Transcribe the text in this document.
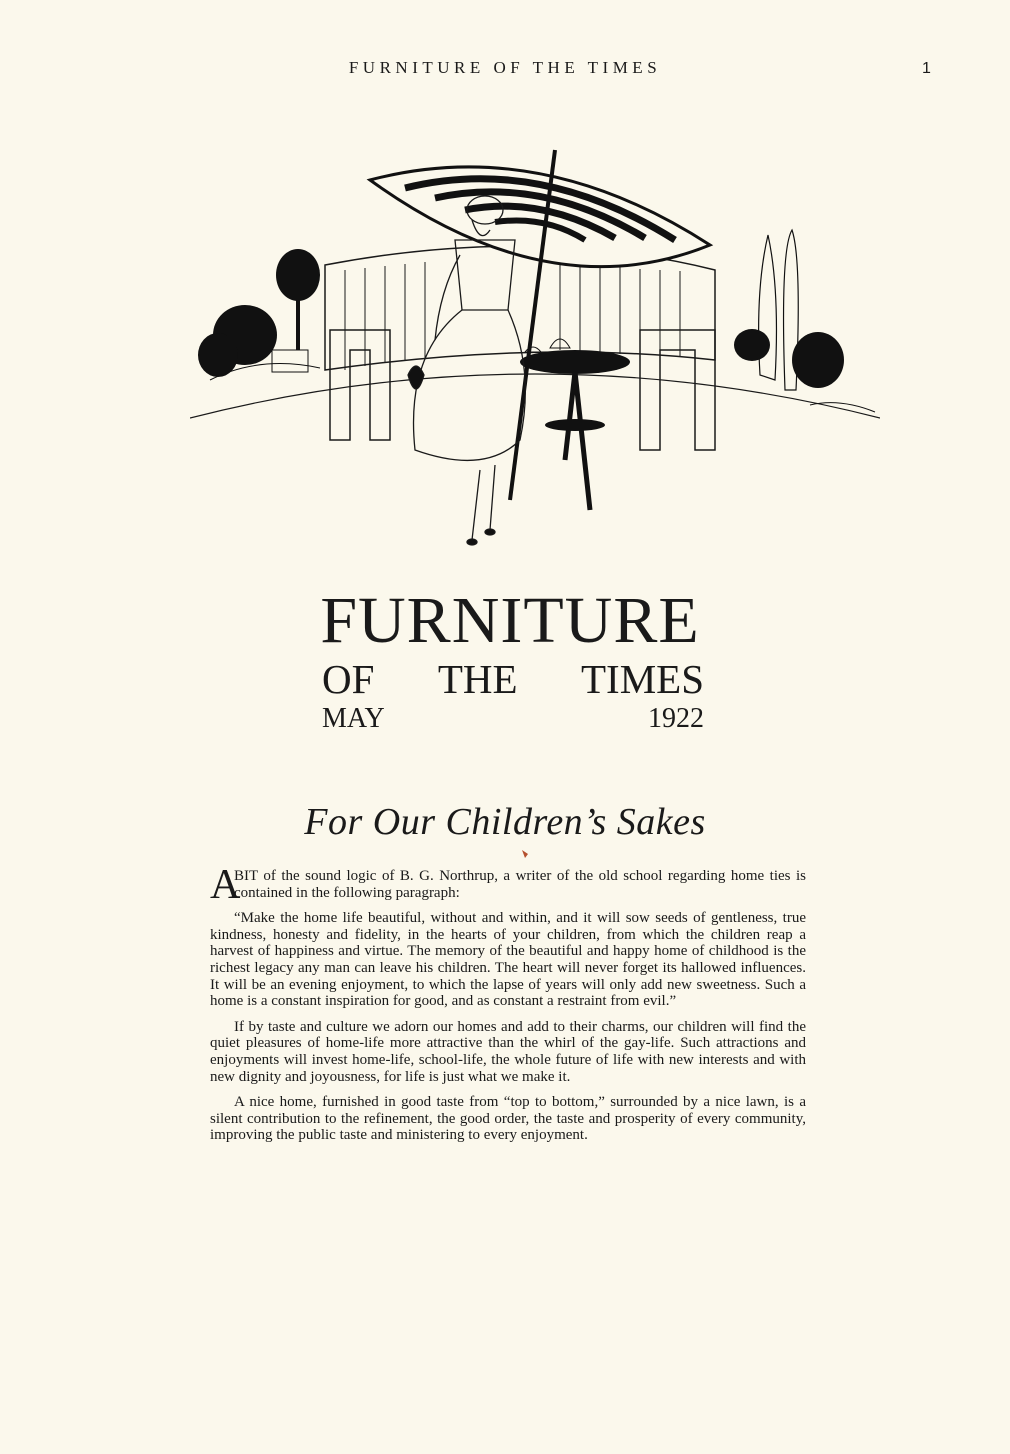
FURNITURE OF THE TIMES	1
FURNITURE
OF THE TIMES
MAY	1922
For Our Children’s Sakes

A
BIT of the sound logic of B. G. Northrup, a writer of the old school regarding home ties is contained in the following paragraph:

“Make the home life beautiful, without and within, and it will sow seeds of gentleness, true kindness, honesty and fidelity, in the hearts of your children, from which the children reap a harvest of happiness and virtue. The memory of the beautiful and happy home of childhood is the richest legacy any man can leave his children. The heart will never forget its hallowed influences. It will be an evening enjoyment, to which the lapse of years will only add new sweetness. Such a home is a constant inspiration for good, and as constant a restraint from evil.”

If by taste and culture we adorn our homes and add to their charms, our children will find the quiet pleasures of home-life more attractive than the whirl of the gay-life. Such attractions and enjoyments will invest home-life, school-life, the whole future of life with new interests and with new dignity and joyousness, for life is just what we make it.

A nice home, furnished in good taste from “top to bottom,” surrounded by a nice lawn, is a silent contribution to the refinement, the good order, the taste and prosperity of every community, improving the public taste and ministering to every enjoyment.
